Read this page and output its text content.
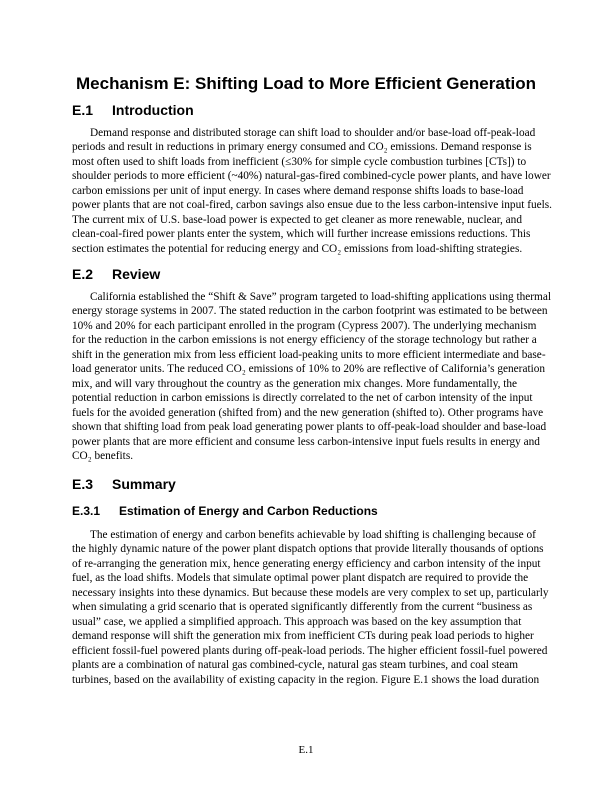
Mechanism E: Shifting Load to More Efficient Generation
E.1 Introduction
Demand response and distributed storage can shift load to shoulder and/or base-load off-peak-load
periods and result in reductions in primary energy consumed and CO₂ emissions. Demand response is
most often used to shift loads from inefficient (≤30% for simple cycle combustion turbines [CTs]) to
shoulder periods to more efficient (~40%) natural-gas-fired combined-cycle power plants, and have lower
carbon emissions per unit of input energy. In cases where demand response shifts loads to base-load
power plants that are not coal-fired, carbon savings also ensue due to the less carbon-intensive input fuels.
The current mix of U.S. base-load power is expected to get cleaner as more renewable, nuclear, and
clean-coal-fired power plants enter the system, which will further increase emissions reductions. This
section estimates the potential for reducing energy and CO₂ emissions from load-shifting strategies.
E.2 Review
California established the “Shift & Save” program targeted to load-shifting applications using thermal
energy storage systems in 2007. The stated reduction in the carbon footprint was estimated to be between
10% and 20% for each participant enrolled in the program (Cypress 2007). The underlying mechanism
for the reduction in the carbon emissions is not energy efficiency of the storage technology but rather a
shift in the generation mix from less efficient load-peaking units to more efficient intermediate and base-
load generator units. The reduced CO₂ emissions of 10% to 20% are reflective of California’s generation
mix, and will vary throughout the country as the generation mix changes. More fundamentally, the
potential reduction in carbon emissions is directly correlated to the net of carbon intensity of the input
fuels for the avoided generation (shifted from) and the new generation (shifted to). Other programs have
shown that shifting load from peak load generating power plants to off-peak-load shoulder and base-load
power plants that are more efficient and consume less carbon-intensive input fuels results in energy and
CO₂ benefits.
E.3 Summary
E.3.1 Estimation of Energy and Carbon Reductions
The estimation of energy and carbon benefits achievable by load shifting is challenging because of
the highly dynamic nature of the power plant dispatch options that provide literally thousands of options
of re-arranging the generation mix, hence generating energy efficiency and carbon intensity of the input
fuel, as the load shifts. Models that simulate optimal power plant dispatch are required to provide the
necessary insights into these dynamics. But because these models are very complex to set up, particularly
when simulating a grid scenario that is operated significantly differently from the current “business as
usual” case, we applied a simplified approach. This approach was based on the key assumption that
demand response will shift the generation mix from inefficient CTs during peak load periods to higher
efficient fossil-fuel powered plants during off-peak-load periods. The higher efficient fossil-fuel powered
plants are a combination of natural gas combined-cycle, natural gas steam turbines, and coal steam
turbines, based on the availability of existing capacity in the region. Figure E.1 shows the load duration
E.1
